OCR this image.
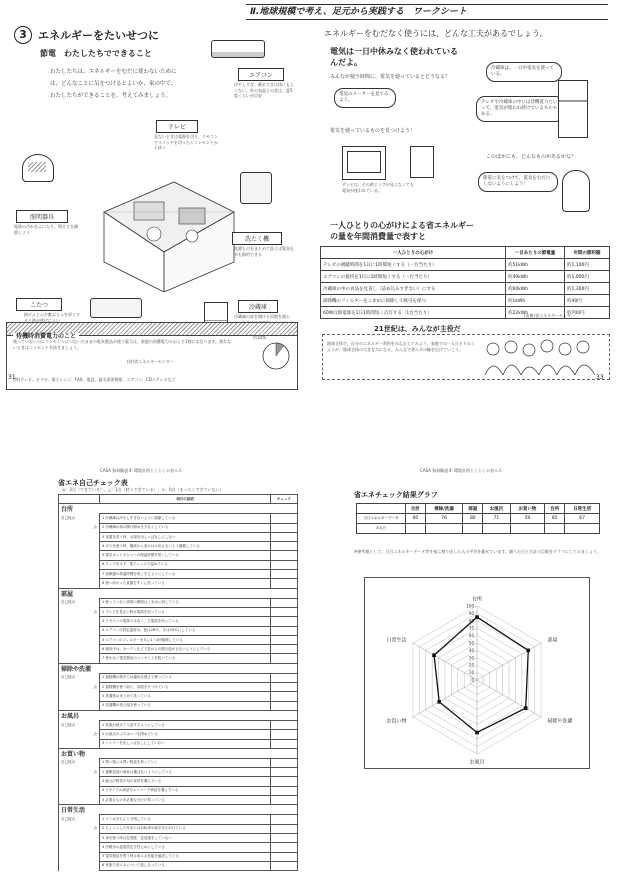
Ⅱ.地球規模で考え、足元から実践する　ワークシート
3	エネルギーをたいせつに
節電　わたしたちでできること
わたしたちは、エネルギーをむだに使わないためには、どんなことに気をつけるとよいか、家の中で、わたしたちができることを、考えてみましょう。
エアコン
冷やしすぎ、暖めすぎは体にもよくない。外の気温との差は、夏5度くらいが目安
テレビ
見ないときは電源を切り、リモコンでスイッチを切ったらコンセントから抜く
照明器具
電球の汚れをふいたり、明るさを調節しよう
洗たく機
洗濯ものをまとめて洗えば電気も水も節約できる
こたつ
掛けふとんや敷ぶとんを厚くすると熱が逃げにくい
冷蔵庫
冷蔵庫の扉を開ける回数を減ら
待機時消費電力のこと
使っていないのにコンセントにつないだままの電気製品が使う電力は、家庭の消費電力のおよそ1割にもなります。使わないときはコンセントを抜きましょう。
(財)省エネルギーセンター
(例)テレビ、ビデオ、電子レンジ、FAX、電話、温水洗浄便座、エアコン、CDステレオなど
約10%
31
エネルギーをむだなく使うには、どんな工夫があるでしょう。
電気は一日中休みなく使われているんだよ。
みんなが使う時間に、電気を使っているとどうなる？
電気のメーターを見てみよう。
冷蔵庫は、一日中電気を使っている。
テレビや冷蔵庫の中には待機電力といって、電気が使われ続けているものもある。
電気を使っているものを見つけよう！
テレビは、その時ようすが見えなくても電気が使われている。
このほかにも、どんなものがあるかな？
節電に気をつけて、電気をむだにしないようにしよう！
一人ひとりの心がけによる省エネルギーの量を年間消費量で表すと
一人ひとりの心がけ	一日あたりの節電量	年間の節約額
テレビの視聴時間を1日に1時間短くする（一台当たり）	約51kWh	約1,100円
エアコンの使用を1日に1時間短くする（一台当たり）	約40kWh	約1,000円
冷蔵庫の中の食品を見直し（詰め込みすぎない）にする	約60kWh	約1,300円
掃除機のフィルターをこまめに掃除して吸引を保つ	約1kWh	約40円
60W白熱電球を1日1時間短く点灯する（1台当たり）	約22kWh	約700円
(出典)省エネルギーセンター
21世紀は、みんなが主役だ
地球全体で、自分のエネルギー利用をみなおしてみよう。家庭での一人ひとりのくふうが、地球全体の大きな力になる。みんなで省エネの輪を広げていこう。
33
CASA 資料解説 Ⅱ: 環境負荷とくらしの省エネ
省エネ自己チェック表
◎：2点（できている）、△：1点（時々できている）、×：0点（まったくできていない）
	項目の説明	チェック
台所		
自己採点	1 冷蔵庫は冷やしすぎないように調節している	
点	2 冷蔵庫の扉の開け閉めを少なくしている	
	3 食器を洗う時、お湯を出しっぱなしにしない	
	4 ガスを使う時、鍋底から炎がはみ出さないよう調節している	
	5 電気ポットやジャーの保温時間を短くしている	
	6 ラップをせず、電子レンジで温めている	
	7 炊飯器の保温時間を短くするようにしている	
	8 使い終わった食器をすぐに洗っている	
部屋		
自己採点	1 使っていない部屋の照明はこまめに消している	
点	2 テレビを見ない時は電源を切っている	
	3 リモコンの電源ではなく、主電源を切っている	
	4 エアコンの設定温度は、夏は28℃、冬は20℃にしている	
	5 エアコンのフィルターを月に1〜2回掃除している	
	6 暖房中は、カーテンなどで窓からの熱を逃がさないようにしている	
	7 使わない電気製品のコンセントを抜いている	
掃除や洗濯		
自己採点	1 掃除機の吸引力は適切な強さで使っている	
点	2 掃除機を使う前に、部屋を片づけている	
	3 洗濯物はまとめて洗っている	
	4 洗濯機の残り湯を使っている	
お風呂		
自己採点	1 家族が続けて入浴するようにしている	
点	2 お風呂のふたはいつも閉めている	
	3 シャワーを出しっぱなしにしていない	
お買い物		
自己採点	1 買い物には買い物袋を持っていく	
点	2 過剰包装の商品は選ばないようにしている	
	3 地元の野菜や旬の食材を選んでいる	
	4 リサイクル商品やエコマーク商品を選んでいる	
	5 必要なものを必要な分だけ買っている	
日常生活		
自己採点	1 ゴミはきちんと分別している	
点	2 ちょっとした外出には自転車や徒歩を心がけている	
	3 車を使う時は急発進・急加速をしていない	
	4 冷暖房の温度設定を控えめにしている	
	5 電気製品を買う時は省エネ性能を確認している	
	6 家族で省エネについて話し合っている	
CASA 資料解説 Ⅱ: 環境負荷とくらしの省エネ
省エネチェック結果グラフ
	合計	掃除/洗濯	部屋	お風呂	お買い物	台所	日常生活
当日エネルギーデータ	60	76	80	71	59	85	67
あなた							
※参考値として、当日エネルギーデータ等を基に割り出した人の平均を載せています。調べた日と合計の点数をグラフにしてみましょう。
0
10
20
30
40
50
60
70
80
90
100
台所
部屋
掃除や洗濯
お風呂
お買い物
日常生活
